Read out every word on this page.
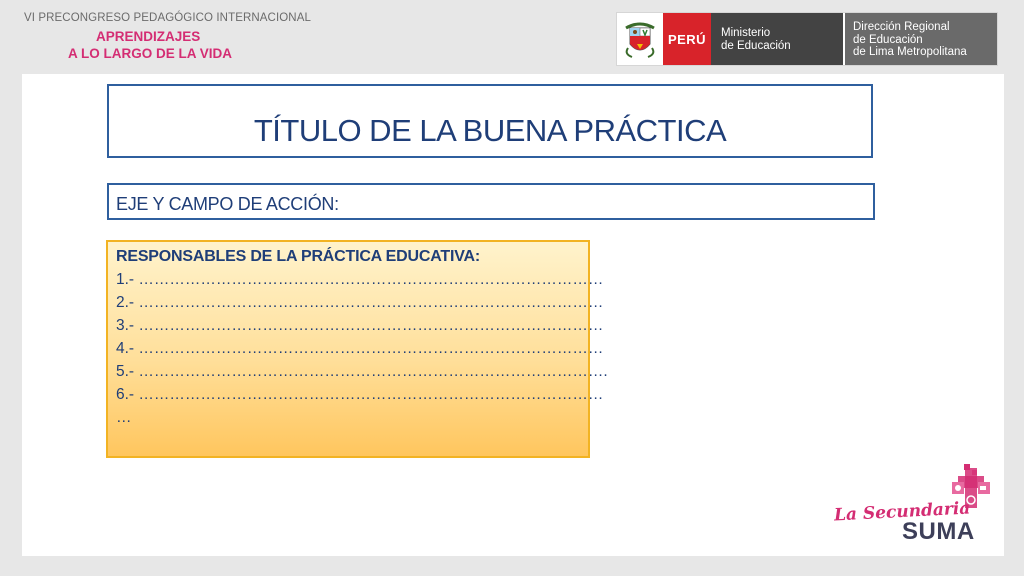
VI PRECONGRESO PEDAGÓGICO INTERNACIONAL
APRENDIZAJES
A LO LARGO DE LA VIDA
PERÚ	Ministerio
de Educación
Dirección Regional
de Educación
de Lima Metropolitana
TÍTULO DE LA BUENA PRÁCTICA
EJE Y CAMPO DE ACCIÓN:
RESPONSABLES DE LA PRÁCTICA EDUCATIVA:
1.- ………………………………………………………………………………
2.- ………………………………………………………………………………
3.- ………………………………………………………………………………
4.- ………………………………………………………………………………
5.- ……………………………………………………………………………….
6.- ………………………………………………………………………………
…
La Secundaria
SUMA
